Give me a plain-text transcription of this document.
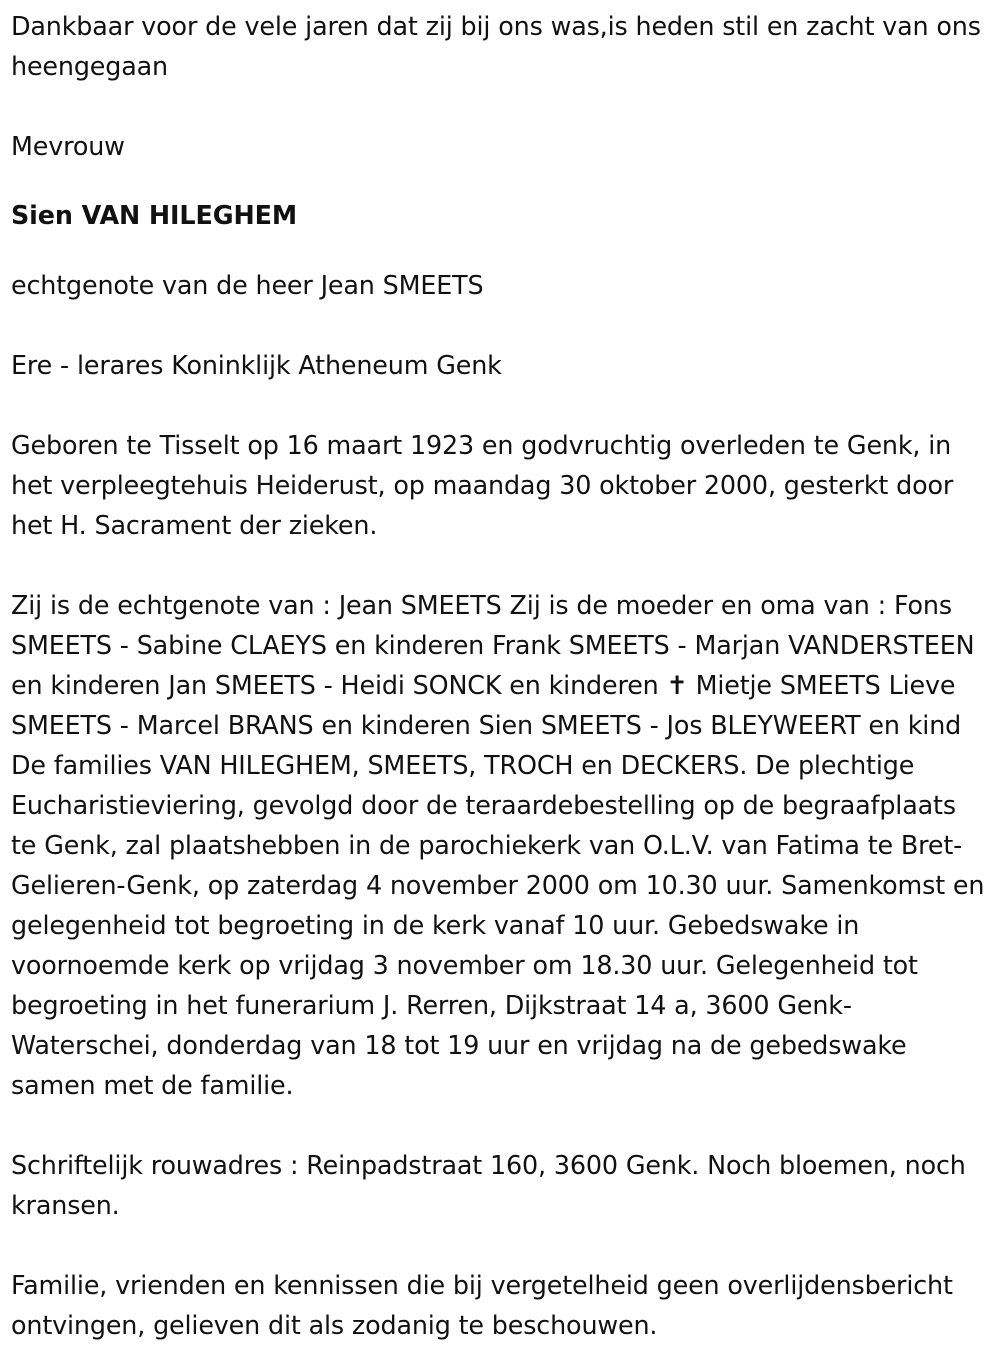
Dankbaar voor de vele jaren dat zij bij ons was,is heden stil en zacht van ons heengegaan

Mevrouw

Sien VAN HILEGHEM

echtgenote van de heer Jean SMEETS

Ere - lerares Koninklijk Atheneum Genk

Geboren te Tisselt op 16 maart 1923 en godvruchtig overleden te Genk, in het verpleegtehuis Heiderust, op maandag 30 oktober 2000, gesterkt door het H. Sacrament der zieken.

Zij is de echtgenote van : Jean SMEETS Zij is de moeder en oma van : Fons SMEETS - Sabine CLAEYS en kinderen Frank SMEETS - Marjan VANDERSTEEN en kinderen Jan SMEETS - Heidi SONCK en kinderen ✝ Mietje SMEETS Lieve SMEETS - Marcel BRANS en kinderen Sien SMEETS - Jos BLEYWEERT en kind De families VAN HILEGHEM, SMEETS, TROCH en DECKERS. De plechtige Eucharistieviering, gevolgd door de teraardebestelling op de begraafplaats te Genk, zal plaatshebben in de parochiekerk van O.L.V. van Fatima te Bret-Gelieren-Genk, op zaterdag 4 november 2000 om 10.30 uur. Samenkomst en gelegenheid tot begroeting in de kerk vanaf 10 uur. Gebedswake in voornoemde kerk op vrijdag 3 november om 18.30 uur. Gelegenheid tot begroeting in het funerarium J. Rerren, Dijkstraat 14 a, 3600 Genk-Waterschei, donderdag van 18 tot 19 uur en vrijdag na de gebedswake samen met de familie.

Schriftelijk rouwadres : Reinpadstraat 160, 3600 Genk. Noch bloemen, noch kransen.

Familie, vrienden en kennissen die bij vergetelheid geen overlijdensbericht ontvingen, gelieven dit als zodanig te beschouwen.
